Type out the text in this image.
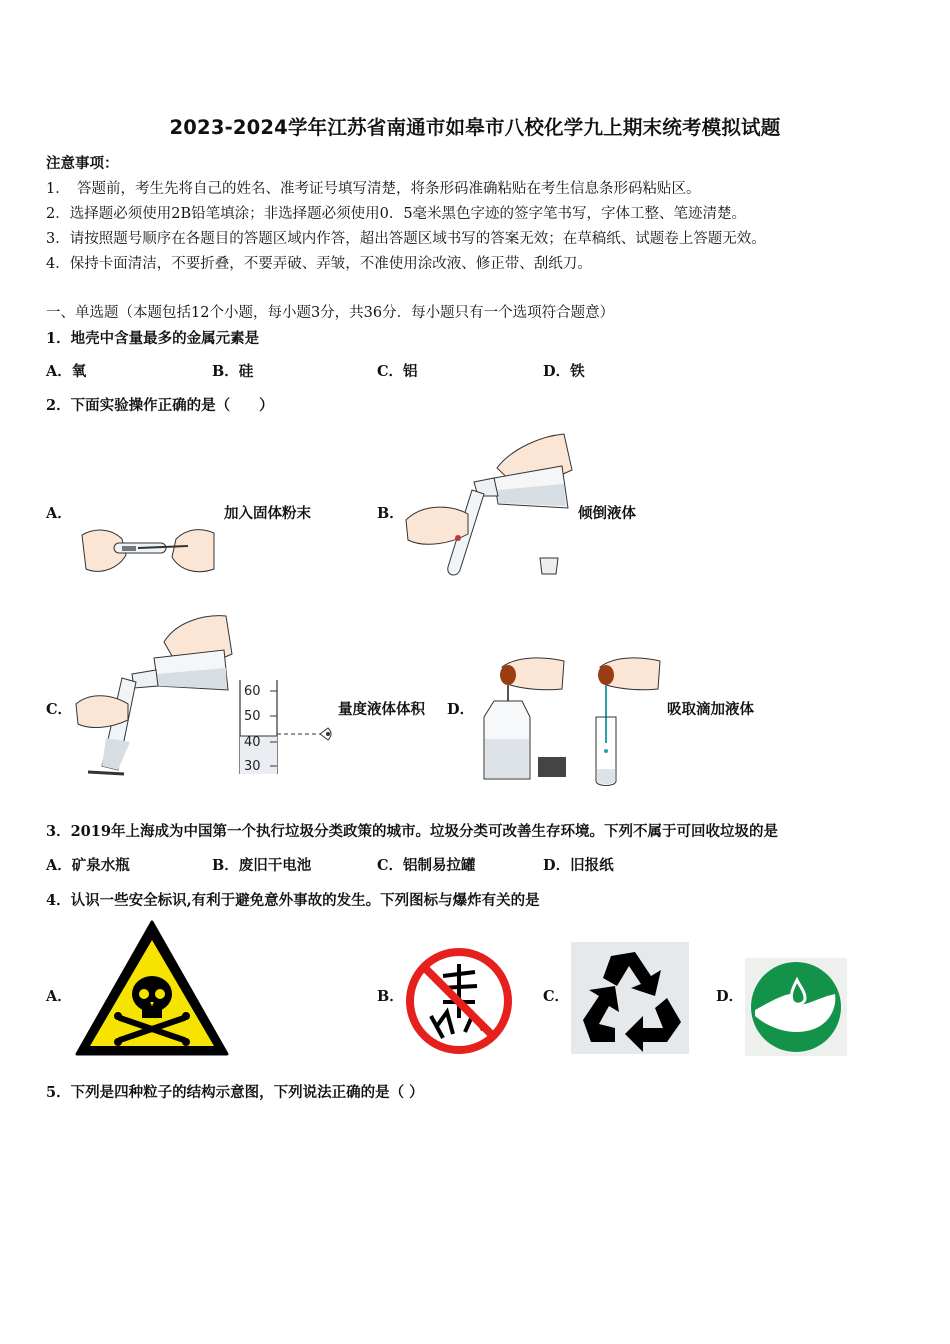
2023-2024学年江苏省南通市如皋市八校化学九上期末统考模拟试题
注意事项：
1．　答题前，考生先将自己的姓名、准考证号填写清楚，将条形码准确粘贴在考生信息条形码粘贴区。
2．选择题必须使用2B铅笔填涂；非选择题必须使用0．5毫米黑色字迹的签字笔书写，字体工整、笔迹清楚。
3．请按照题号顺序在各题目的答题区域内作答，超出答题区域书写的答案无效；在草稿纸、试题卷上答题无效。
4．保持卡面清洁，不要折叠，不要弄破、弄皱，不准使用涂改液、修正带、刮纸刀。
一、单选题（本题包括12个小题，每小题3分，共36分．每小题只有一个选项符合题意）
1．地壳中含量最多的金属元素是
A．氧	B．硅	C．铝	D．铁
2．下面实验操作正确的是（　　）
A．	加入固体粉末	B．	倾倒液体
C．	量度液体体积 D．	吸取滴加液体
60
50
40
30
3．2019年上海成为中国第一个执行垃圾分类政策的城市。垃圾分类可改善生存环境。下列不属于可回收垃圾的是
A．矿泉水瓶	B．废旧干电池	C．铝制易拉罐	D．旧报纸
4．认识一些安全标识,有利于避免意外事故的发生。下列图标与爆炸有关的是
A．	B．	C．	D．
5．下列是四种粒子的结构示意图，下列说法正确的是（ ）
